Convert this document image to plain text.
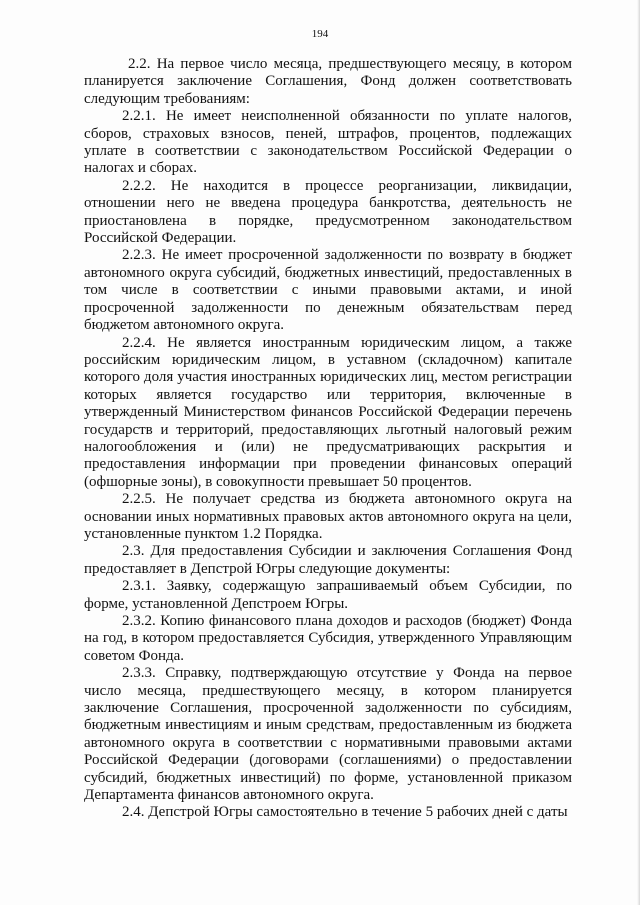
194

2.2. На первое число месяца, предшествующего месяцу, в котором планируется заключение Соглашения, Фонд должен соответствовать следующим требованиям:

2.2.1. Не имеет неисполненной обязанности по уплате налогов, сборов, страховых взносов, пеней, штрафов, процентов, подлежащих уплате в соответствии с законодательством Российской Федерации о налогах и сборах.

2.2.2. Не находится в процессе реорганизации, ликвидации, отношении него не введена процедура банкротства, деятельность не приостановлена в порядке, предусмотренном законодательством Российской Федерации.

2.2.3. Не имеет просроченной задолженности по возврату в бюджет автономного округа субсидий, бюджетных инвестиций, предоставленных в том числе в соответствии с иными правовыми актами, и иной просроченной задолженности по денежным обязательствам перед бюджетом автономного округа.

2.2.4. Не является иностранным юридическим лицом, а также российским юридическим лицом, в уставном (складочном) капитале которого доля участия иностранных юридических лиц, местом регистрации которых является государство или территория, включенные в утвержденный Министерством финансов Российской Федерации перечень государств и территорий, предоставляющих льготный налоговый режим налогообложения и (или) не предусматривающих раскрытия и предоставления информации при проведении финансовых операций (офшорные зоны), в совокупности превышает 50 процентов.

2.2.5. Не получает средства из бюджета автономного округа на основании иных нормативных правовых актов автономного округа на цели, установленные пунктом 1.2 Порядка.

2.3. Для предоставления Субсидии и заключения Соглашения Фонд предоставляет в Депстрой Югры следующие документы:

2.3.1. Заявку, содержащую запрашиваемый объем Субсидии, по форме, установленной Депстроем Югры.

2.3.2. Копию финансового плана доходов и расходов (бюджет) Фонда на год, в котором предоставляется Субсидия, утвержденного Управляющим советом Фонда.

2.3.3. Справку, подтверждающую отсутствие у Фонда на первое число месяца, предшествующего месяцу, в котором планируется заключение Соглашения, просроченной задолженности по субсидиям, бюджетным инвестициям и иным средствам, предоставленным из бюджета автономного округа в соответствии с нормативными правовыми актами Российской Федерации (договорами (соглашениями) о предоставлении субсидий, бюджетных инвестиций) по форме, установленной приказом Департамента финансов автономного округа.

2.4. Депстрой Югры самостоятельно в течение 5 рабочих дней с даты
